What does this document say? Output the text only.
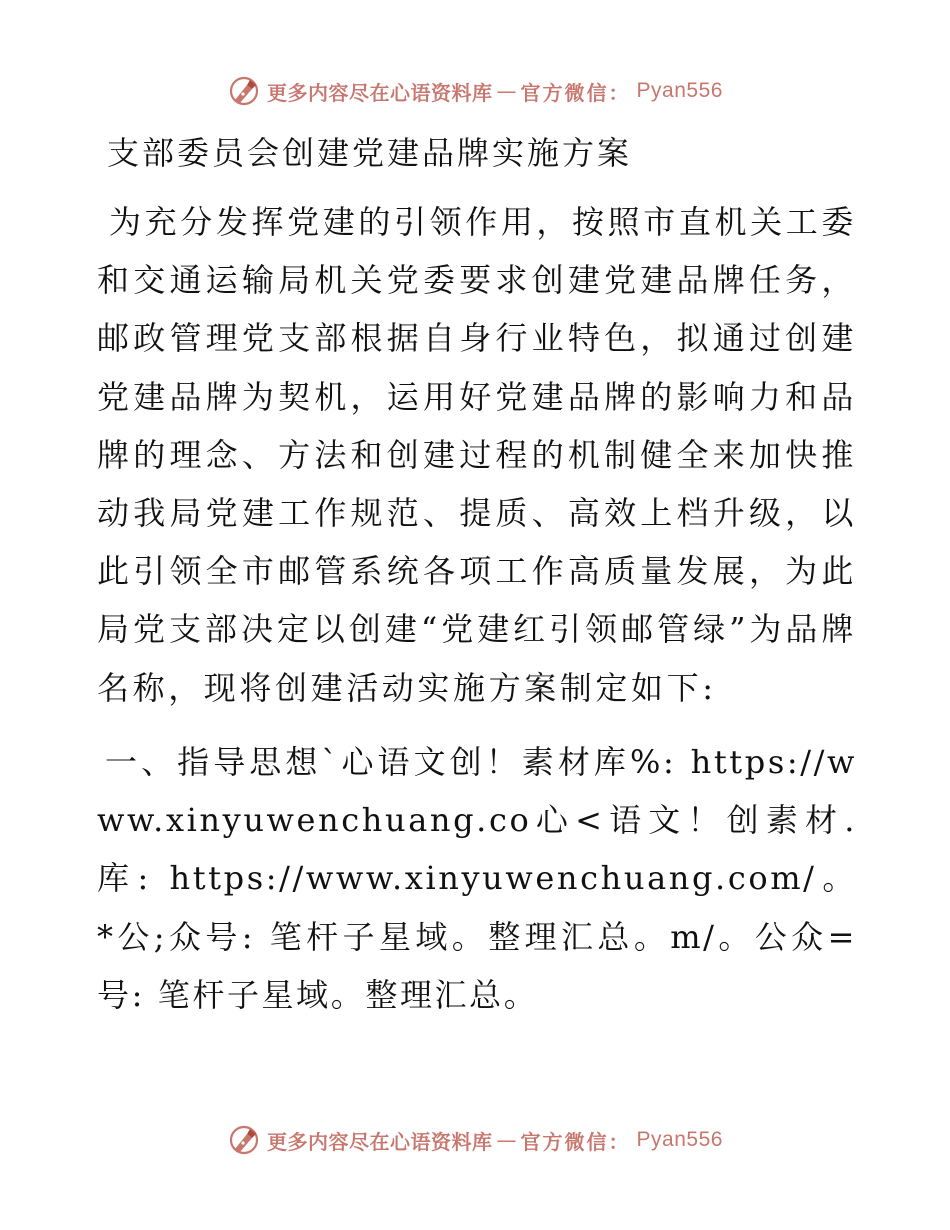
更多内容尽在心语资料库 — 官方微信： Pyan556
支部委员会创建党建品牌实施方案
为充分发挥党建的引领作用，按照市直机关工委和交通运输局机关党委要求创建党建品牌任务，邮政管理党支部根据自身行业特色，拟通过创建党建品牌为契机，运用好党建品牌的影响力和品牌的理念、方法和创建过程的机制健全来加快推动我局党建工作规范、提质、高效上档升级，以此引领全市邮管系统各项工作高质量发展，为此局党支部决定以创建“党建红引领邮管绿”为品牌名称，现将创建活动实施方案制定如下:
一、指导思想`心语文创！素材库%: https://www.xinyuwenchuang.co心<语文！创素材.库: https://www.xinyuwenchuang.com/。*公;众号: 笔杆子星域。整理汇总。m/。公众=号: 笔杆子星域。整理汇总。
更多内容尽在心语资料库 — 官方微信： Pyan556
